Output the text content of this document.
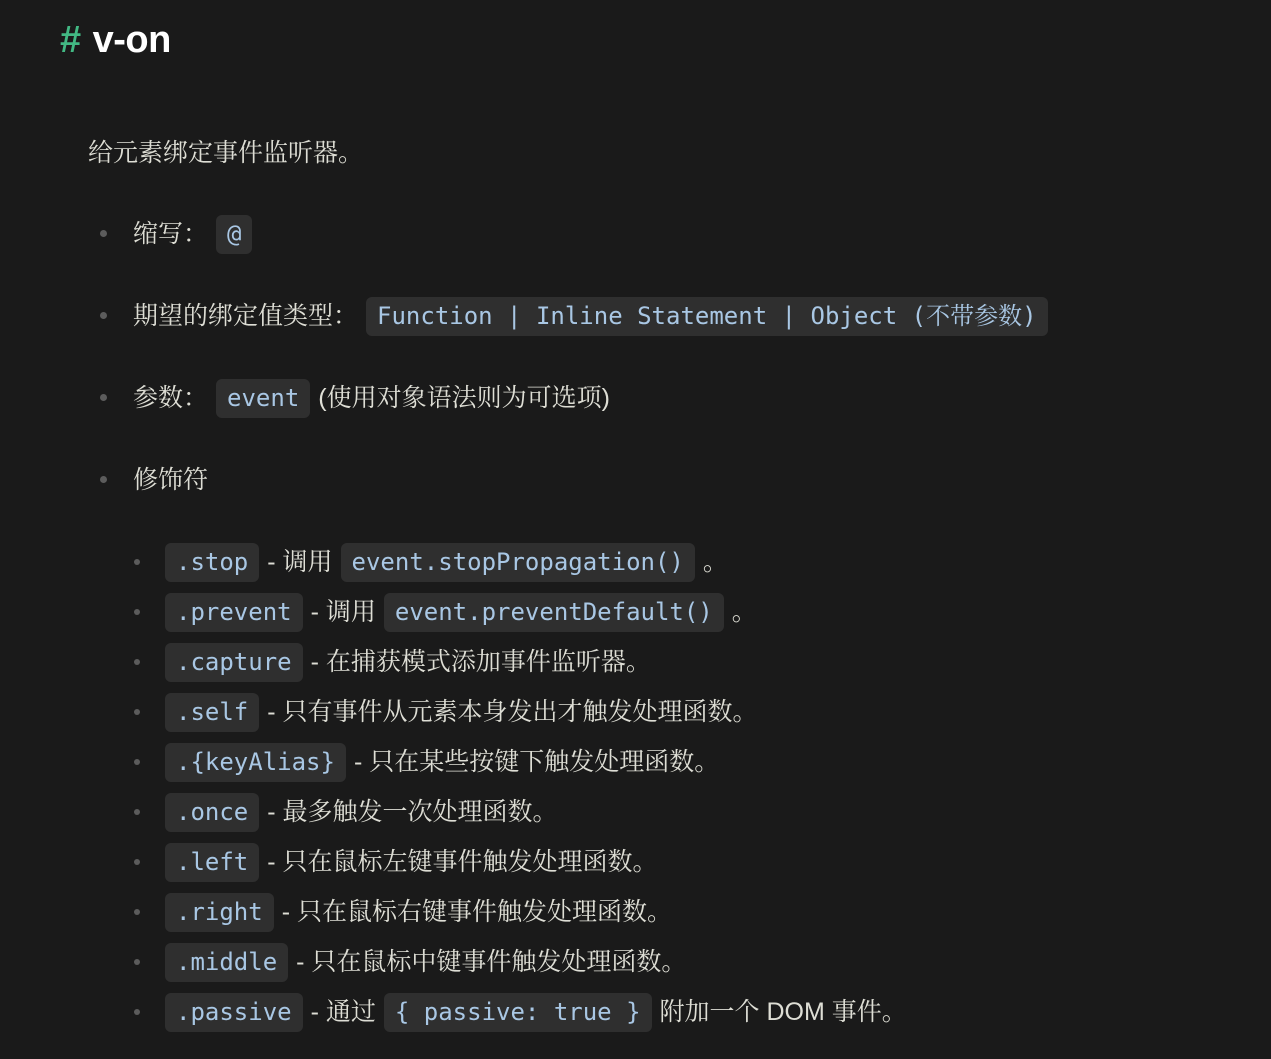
# v-on

给元素绑定事件监听器。

缩写： @
期望的绑定值类型： Function | Inline Statement | Object (不带参数)
参数： event (使用对象语法则为可选项)
修饰符
.stop - 调用 event.stopPropagation() 。
.prevent - 调用 event.preventDefault() 。
.capture - 在捕获模式添加事件监听器。
.self - 只有事件从元素本身发出才触发处理函数。
.{keyAlias} - 只在某些按键下触发处理函数。
.once - 最多触发一次处理函数。
.left - 只在鼠标左键事件触发处理函数。
.right - 只在鼠标右键事件触发处理函数。
.middle - 只在鼠标中键事件触发处理函数。
.passive - 通过 { passive: true } 附加一个 DOM 事件。
